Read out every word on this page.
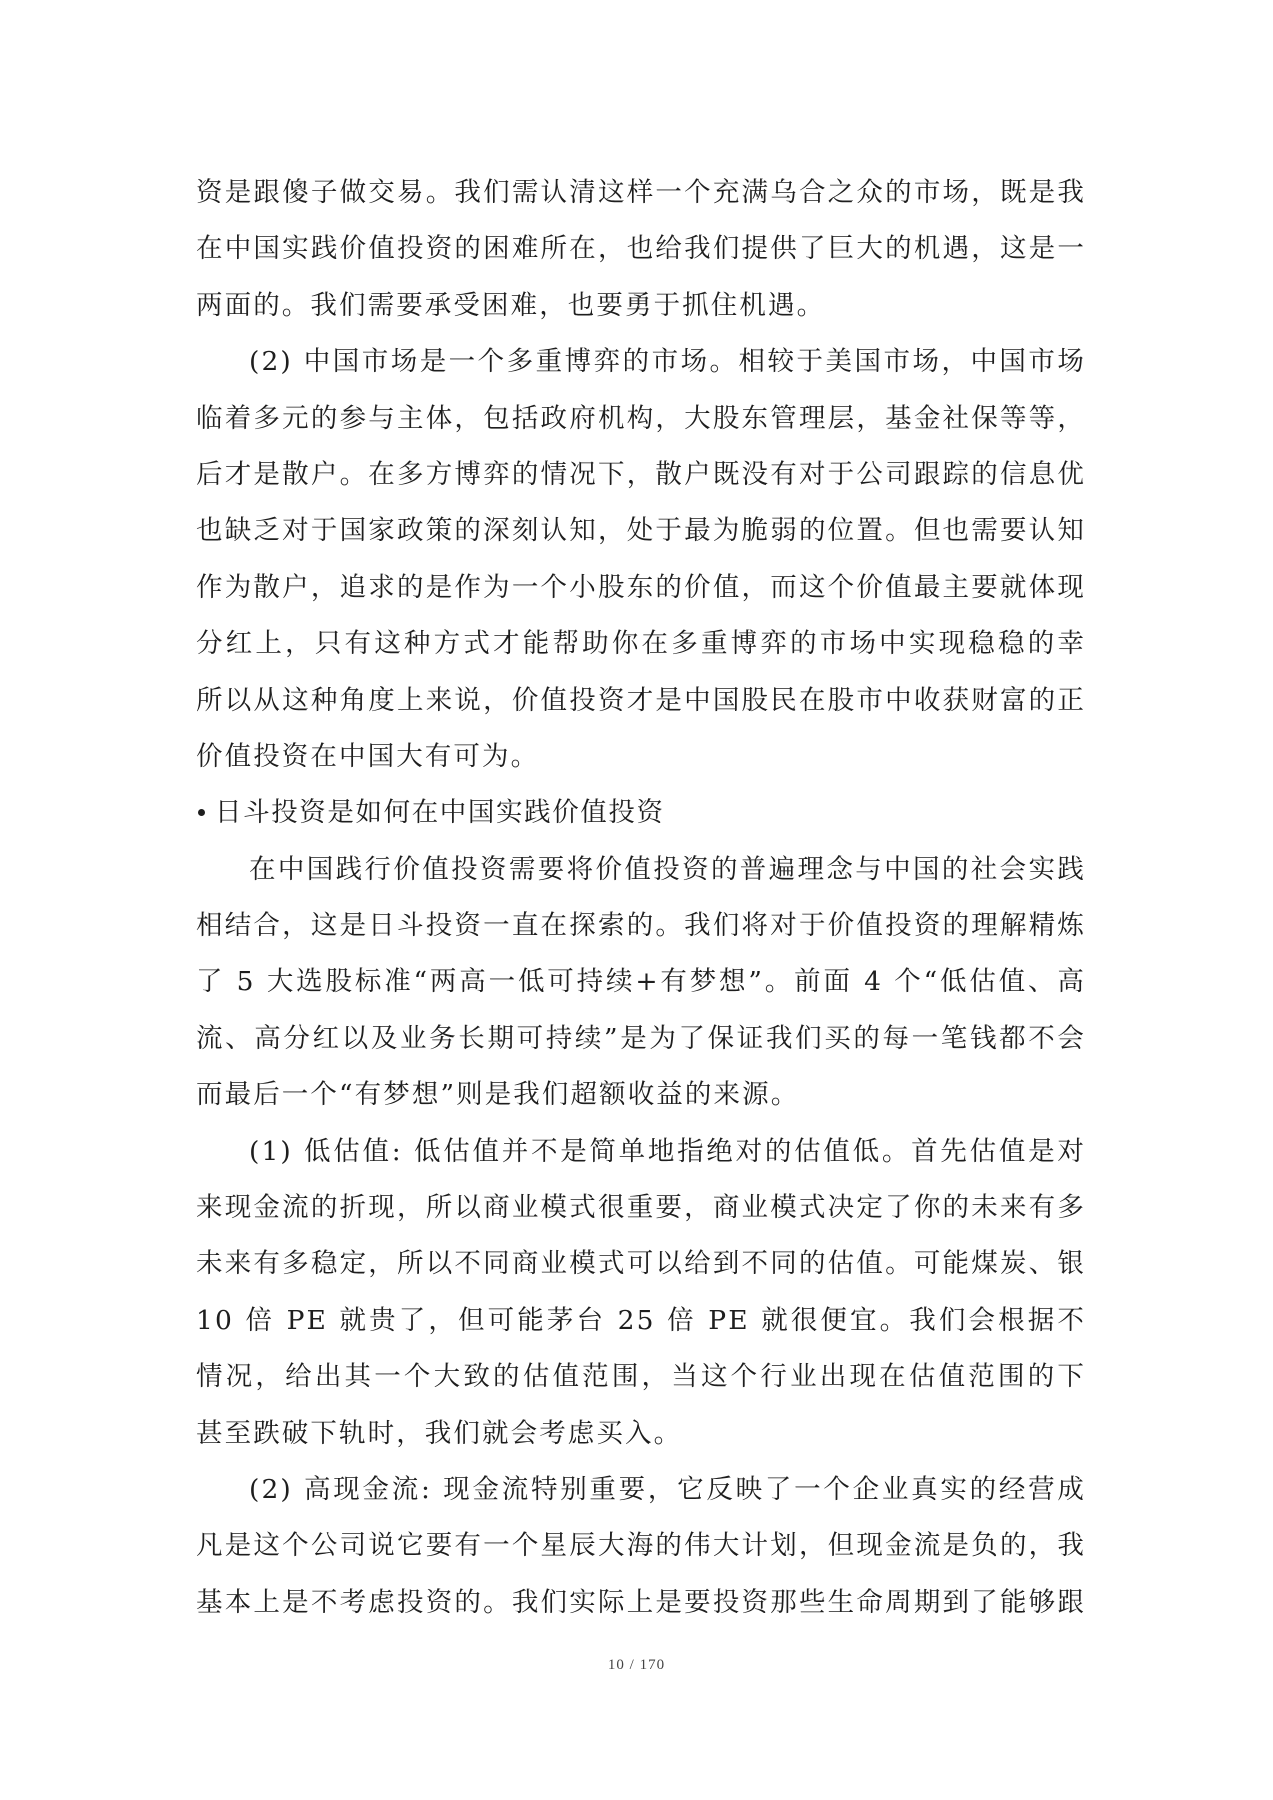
资是跟傻子做交易。我们需认清这样一个充满乌合之众的市场，既是我
在中国实践价值投资的困难所在，也给我们提供了巨大的机遇，这是一
两面的。我们需要承受困难，也要勇于抓住机遇。
(2) 中国市场是一个多重博弈的市场。相较于美国市场，中国市场
临着多元的参与主体，包括政府机构，大股东管理层，基金社保等等，
后才是散户。在多方博弈的情况下，散户既没有对于公司跟踪的信息优
也缺乏对于国家政策的深刻认知，处于最为脆弱的位置。但也需要认知
作为散户，追求的是作为一个小股东的价值，而这个价值最主要就体现
分红上，只有这种方式才能帮助你在多重博弈的市场中实现稳稳的幸
所以从这种角度上来说，价值投资才是中国股民在股市中收获财富的正
价值投资在中国大有可为。
日斗投资是如何在中国实践价值投资
在中国践行价值投资需要将价值投资的普遍理念与中国的社会实践
相结合，这是日斗投资一直在探索的。我们将对于价值投资的理解精炼
了 5 大选股标准“两高一低可持续+有梦想”。前面 4 个“低估值、高
流、高分红以及业务长期可持续”是为了保证我们买的每一笔钱都不会
而最后一个“有梦想”则是我们超额收益的来源。
(1) 低估值: 低估值并不是简单地指绝对的估值低。首先估值是对
来现金流的折现，所以商业模式很重要，商业模式决定了你的未来有多
未来有多稳定，所以不同商业模式可以给到不同的估值。可能煤炭、银
10 倍 PE 就贵了，但可能茅台 25 倍 PE 就很便宜。我们会根据不
情况，给出其一个大致的估值范围，当这个行业出现在估值范围的下
甚至跌破下轨时，我们就会考虑买入。
(2) 高现金流: 现金流特别重要，它反映了一个企业真实的经营成
凡是这个公司说它要有一个星辰大海的伟大计划，但现金流是负的，我
基本上是不考虑投资的。我们实际上是要投资那些生命周期到了能够跟
10 / 170
